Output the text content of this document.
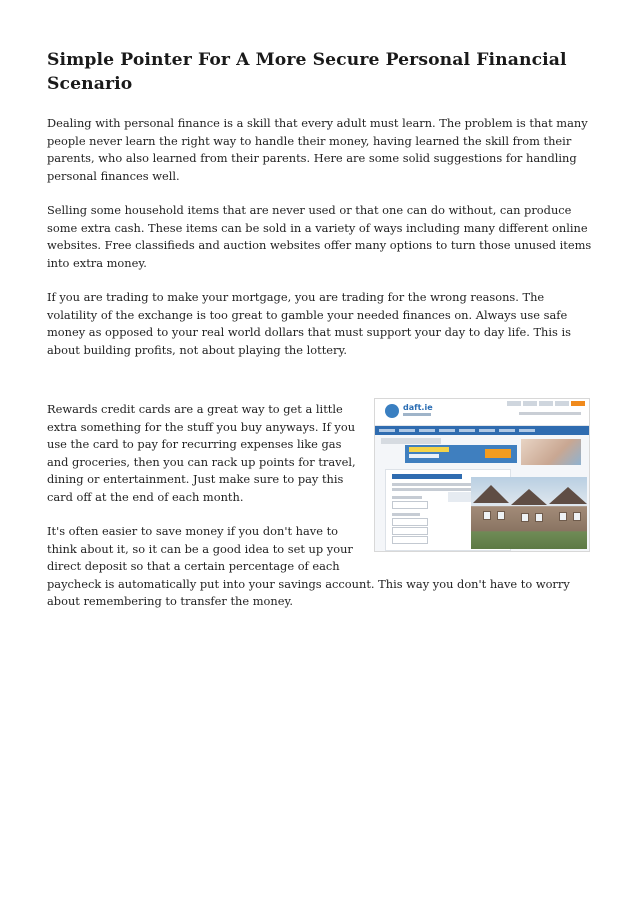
Simple Pointer For A More Secure Personal Financial Scenario

Dealing with personal finance is a skill that every adult must learn. The problem is that many people never learn the right way to handle their money, having learned the skill from their parents, who also learned from their parents. Here are some solid suggestions for handling personal finances well.

Selling some household items that are never used or that one can do without, can produce some extra cash. These items can be sold in a variety of ways including many different online websites. Free classifieds and auction websites offer many options to turn those unused items into extra money.

If you are trading to make your mortgage, you are trading for the wrong reasons. The volatility of the exchange is too great to gamble your needed finances on. Always use safe money as opposed to your real world dollars that must support your day to day life. This is about building profits, not about playing the lottery.

daft.ie

Rewards credit cards are a great way to get a little extra something for the stuff you buy anyways. If you use the card to pay for recurring expenses like gas and groceries, then you can rack up points for travel, dining or entertainment. Just make sure to pay this card off at the end of each month.

It's often easier to save money if you don't have to think about it, so it can be a good idea to set up your direct deposit so that a certain percentage of each paycheck is automatically put into your savings account. This way you don't have to worry about remembering to transfer the money.
